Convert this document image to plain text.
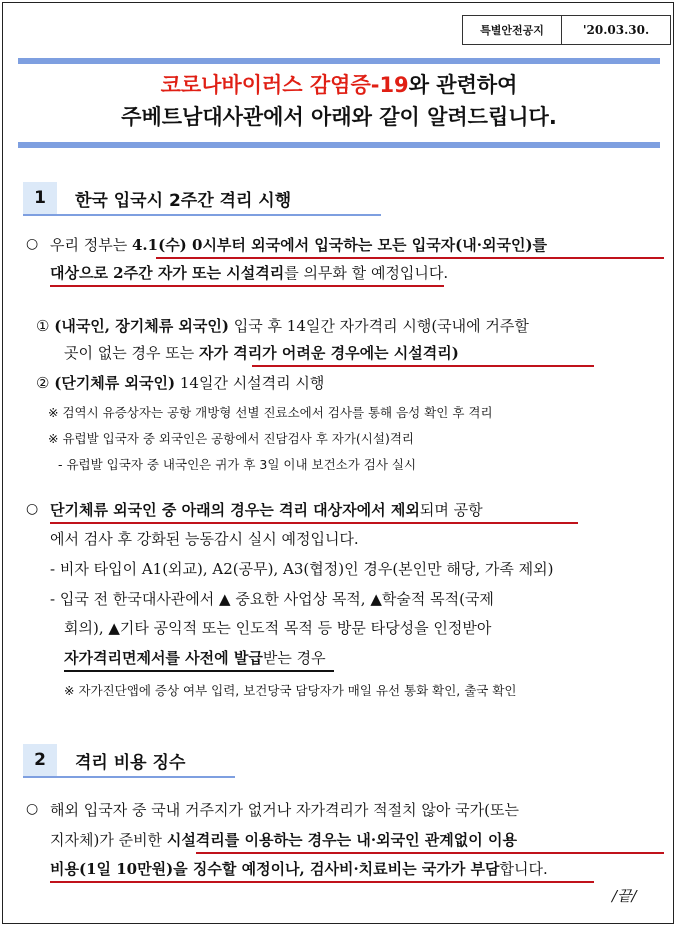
특별안전공지	'20.03.30.
코로나바이러스 감염증-19와 관련하여
주베트남대사관에서 아래와 같이 알려드립니다.
1	한국 입국시 2주간 격리 시행
○ 우리 정부는 4.1(수) 0시부터 외국에서 입국하는 모든 입국자(내·외국인)를
대상으로 2주간 자가 또는 시설격리를 의무화 할 예정입니다.
① (내국인, 장기체류 외국인) 입국 후 14일간 자가격리 시행(국내에 거주할
곳이 없는 경우 또는 자가 격리가 어려운 경우에는 시설격리)
② (단기체류 외국인) 14일간 시설격리 시행
※ 검역시 유증상자는 공항 개방형 선별 진료소에서 검사를 통해 음성 확인 후 격리
※ 유럽발 입국자 중 외국인은 공항에서 진담검사 후 자가(시설)격리
- 유럽발 입국자 중 내국인은 귀가 후 3일 이내 보건소가 검사 실시
○ 단기체류 외국인 중 아래의 경우는 격리 대상자에서 제외되며 공항
에서 검사 후 강화된 능동감시 실시 예정입니다.
- 비자 타입이 A1(외교), A2(공무), A3(협정)인 경우(본인만 해당, 가족 제외)
- 입국 전 한국대사관에서 ▲ 중요한 사업상 목적, ▲학술적 목적(국제
회의), ▲기타 공익적 또는 인도적 목적 등 방문 타당성을 인정받아
자가격리면제서를 사전에 발급받는 경우
※ 자가진단앱에 증상 여부 입력, 보건당국 담당자가 매일 유선 통화 확인, 출국 확인
2	격리 비용 징수
○ 해외 입국자 중 국내 거주지가 없거나 자가격리가 적절치 않아 국가(또는
지자체)가 준비한 시설격리를 이용하는 경우는 내·외국인 관계없이 이용
비용(1일 10만원)을 징수할 예정이나, 검사비·치료비는 국가가 부담합니다.
/끝/
